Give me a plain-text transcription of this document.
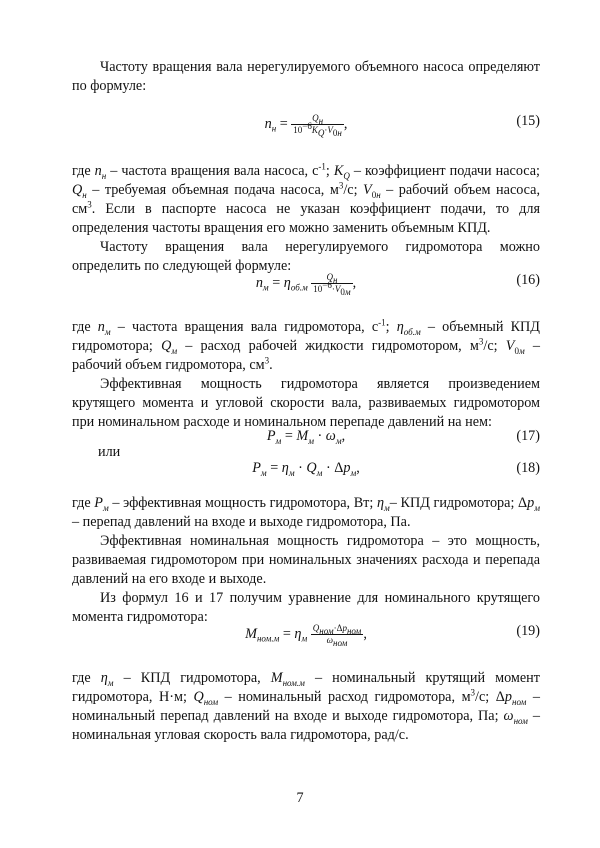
Частоту вращения вала нерегулируемого объемного насоса определяют по формуле:

$n_н = \frac{Q_н}{10^{-6}K_Q\cdot V_{0н}}$ ,	(15)

где $n_н$ – частота вращения вала насоса, $с^{-1}$; $K_Q$ – коэффициент подачи насоса; $Q_н$ – требуемая объемная подача насоса, $м^3/с$; $V_{0н}$ – рабочий объем насоса, $см^3$. Если в паспорте насоса не указан коэффициент подачи, то для определения частоты вращения его можно заменить объемным КПД.

Частоту вращения вала нерегулируемого гидромотора можно определить по следующей формуле:

$n_м = \eta_{об.м} \frac{Q_н}{10^{-6}\cdot V_{0м}}$ ,	(16)

где $n_м$ – частота вращения вала гидромотора, $с^{-1}$; $\eta_{об.м}$ – объемный КПД гидромотора; $Q_м$ – расход рабочей жидкости гидромотором, $м^3/с$; $V_{0м}$ – рабочий объем гидромотора, $см^3$.

Эффективная мощность гидромотора является произведением крутящего момента и угловой скорости вала, развиваемых гидромотором при номинальном расходе и номинальном перепаде давлений на нем:

$P_м = M_м \cdot \omega_м$,	(17)
или
$P_м = \eta_м \cdot Q_м \cdot \Delta p_м$,	(18)

где $P_м$ – эффективная мощность гидромотора, Вт; $\eta_м-$ КПД гидромотора; $\Delta p_м$ – перепад давлений на входе и выходе гидромотора, Па.

Эффективная номинальная мощность гидромотора – это мощность, развиваемая гидромотором при номинальных значениях расхода и перепада давлений на его входе и выходе.

Из формул 16 и 17 получим уравнение для номинального крутящего момента гидромотора:

$M_{ном.м} = \eta_м \frac{Q_{ном}\cdot\Delta p_{ном}}{\omega_{ном}}$ ,	(19)

где $\eta_м$ – КПД гидромотора, $M_{ном.м}$ – номинальный крутящий момент гидромотора, Н·м; $Q_{ном}$ – номинальный расход гидромотора, $м^3/с$; $\Delta p_{ном}$ – номинальный перепад давлений на входе и выходе гидромотора, Па; $\omega_{ном}$ – номинальная угловая скорость вала гидромотора, рад/с.

7
